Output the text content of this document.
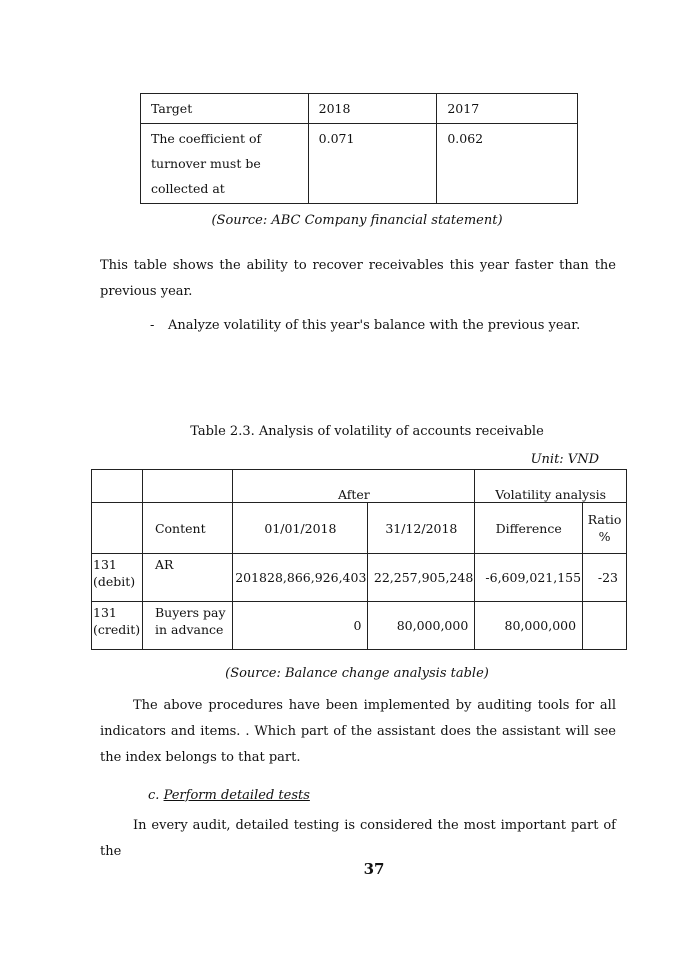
Target	2018	2017
The coefficient of turnover must be collected at	0.071	0.062
(Source: ABC Company financial statement)
This table shows the ability to recover receivables this year faster than the previous year.
- Analyze volatility of this year's balance with the previous year.
Table 2.3. Analysis of volatility of accounts receivable
Unit: VND
		After		Volatility analysis	
	Content	01/01/2018	31/12/2018	Difference	Ratio %
131 (debit)	AR	201828,866,926,403	22,257,905,248	-6,609,021,155	-23
131 (credit)	Buyers pay in advance	0	80,000,000	80,000,000	
(Source: Balance change analysis table)
The above procedures have been implemented by auditing tools for all indicators and items. . Which part of the assistant does the assistant will see the index belongs to that part.
c. Perform detailed tests
In every audit, detailed testing is considered the most important part of the
37
